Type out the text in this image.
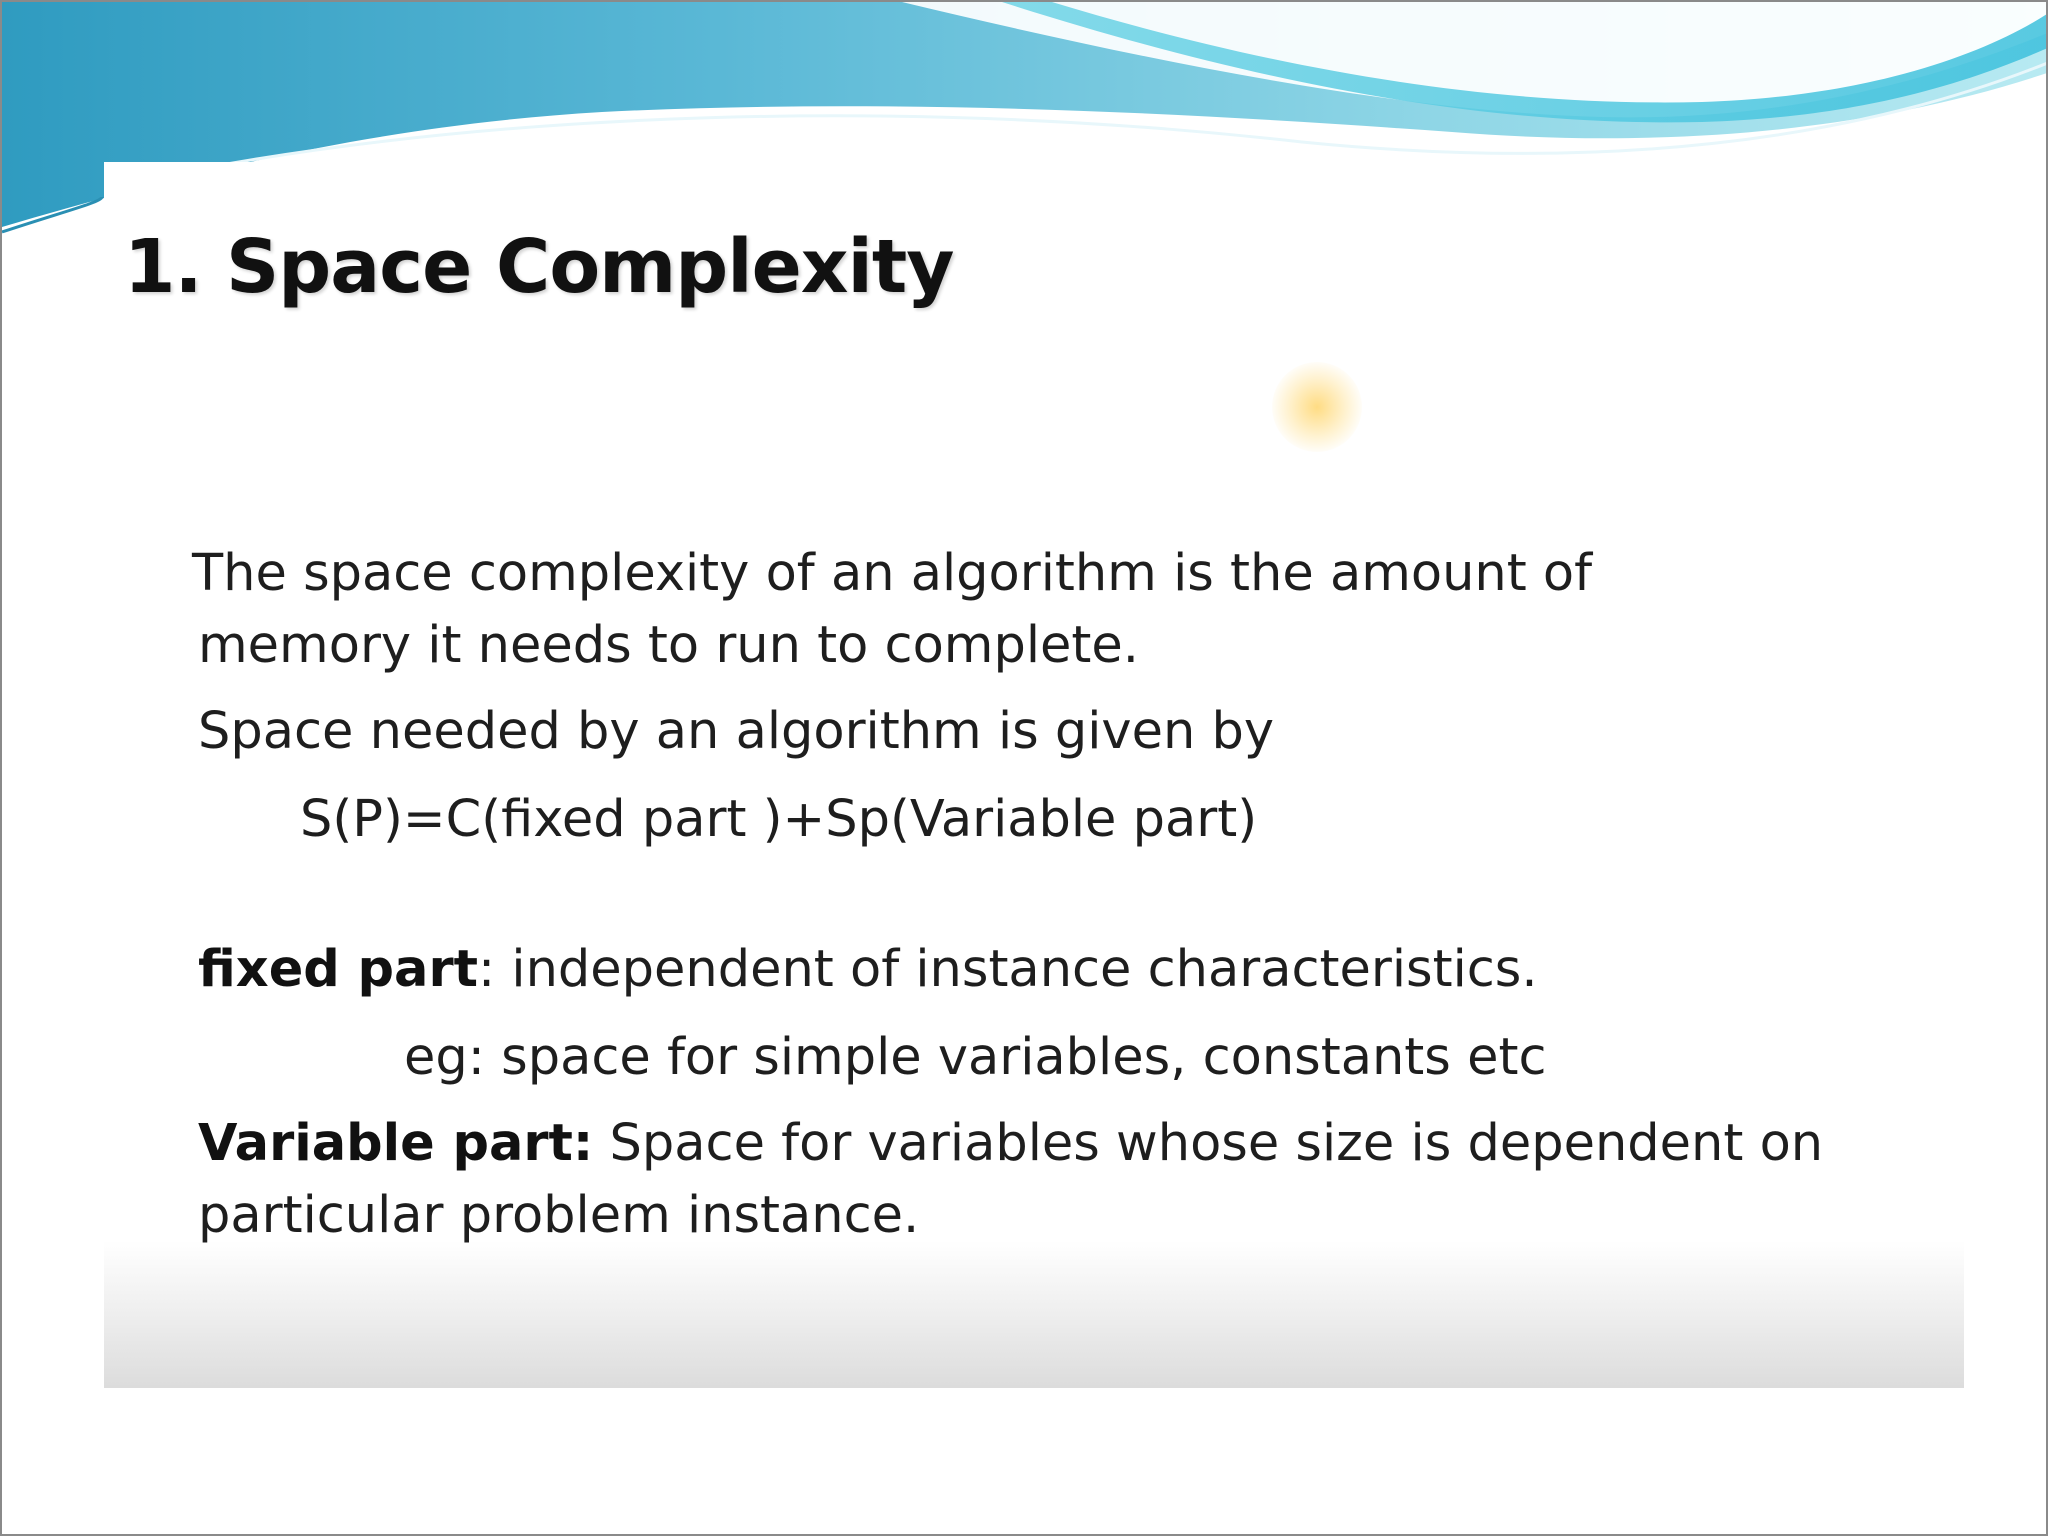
1. Space Complexity

The space complexity of an algorithm is the amount of

memory it needs to run to complete.

Space needed by an algorithm is given by

S(P)=C(fixed part )+Sp(Variable part)

fixed part: independent of instance characteristics.

eg: space for simple variables, constants etc

Variable part: Space for variables whose size is dependent on

particular problem instance.
